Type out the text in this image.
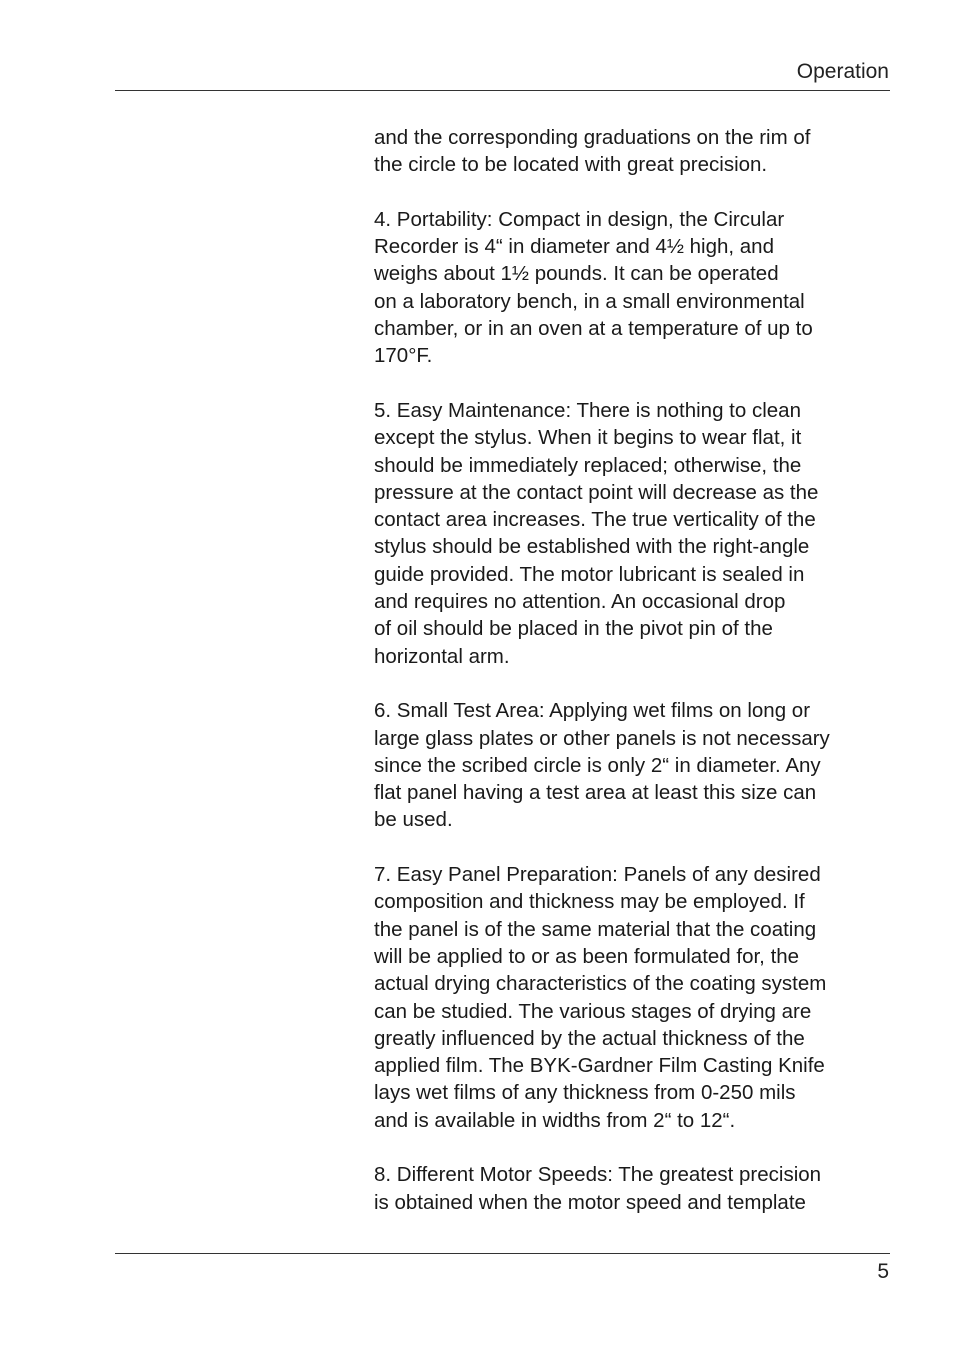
Operation

and the corresponding graduations on the rim of
the circle to be located with great precision.

4. Portability: Compact in design, the Circular
Recorder is 4“ in diameter and 4½ high, and
weighs about 1½ pounds. It can be operated
on a laboratory bench, in a small environmental
chamber, or in an oven at a temperature of up to
170°F.

5. Easy Maintenance: There is nothing to clean
except the stylus. When it begins to wear flat, it
should be immediately replaced; otherwise, the
pressure at the contact point will decrease as the
contact area increases. The true verticality of the
stylus should be established with the right-angle
guide provided. The motor lubricant is sealed in
and requires no attention. An occasional drop
of oil should be placed in the pivot pin of the
horizontal arm.

6. Small Test Area: Applying wet films on long or
large glass plates or other panels is not necessary
since the scribed circle is only 2“ in diameter. Any
flat panel having a test area at least this size can
be used.

7. Easy Panel Preparation: Panels of any desired
composition and thickness may be employed. If
the panel is of the same material that the coating
will be applied to or as been formulated for, the
actual drying characteristics of the coating system
can be studied. The various stages of drying are
greatly influenced by the actual thickness of the
applied film. The BYK-Gardner Film Casting Knife
lays wet films of any thickness from 0-250 mils
and is available in widths from 2“ to 12“.

8. Different Motor Speeds: The greatest precision
is obtained when the motor speed and template

5
